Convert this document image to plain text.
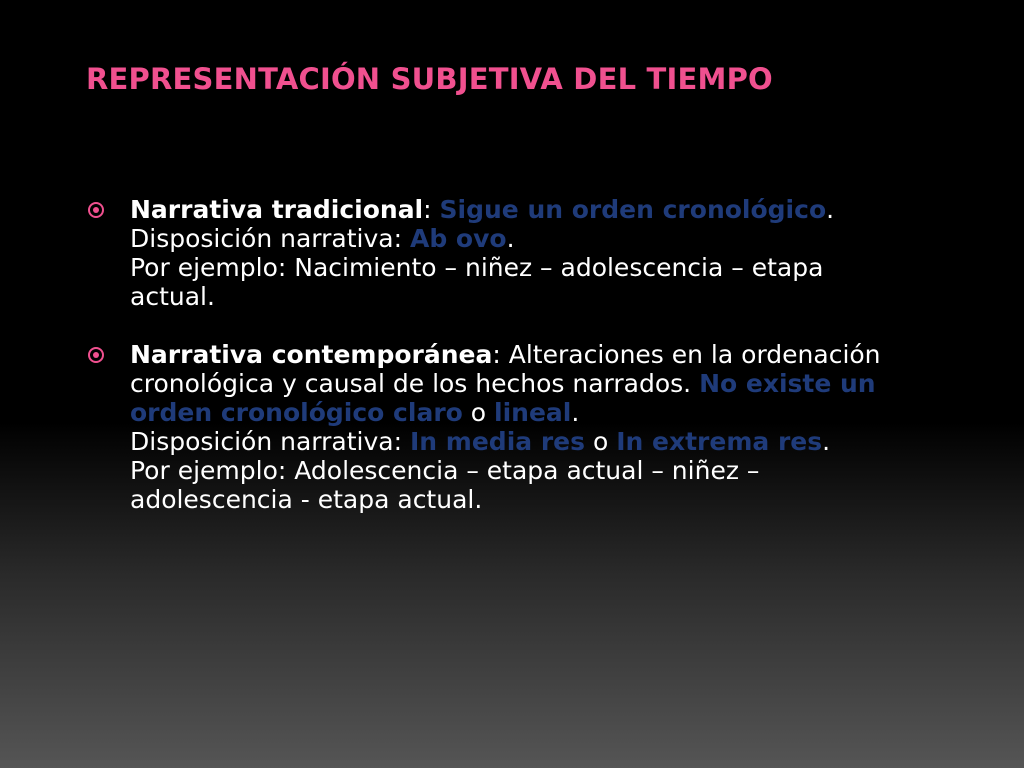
REPRESENTACIÓN SUBJETIVA DEL TIEMPO
Narrativa tradicional: Sigue un orden cronológico.
Disposición narrativa: Ab ovo.
Por ejemplo: Nacimiento – niñez – adolescencia – etapa
actual.
Narrativa contemporánea: Alteraciones en la ordenación
cronológica y causal de los hechos narrados. No existe un
orden cronológico claro o lineal.
Disposición narrativa: In media res o In extrema res.
Por ejemplo: Adolescencia – etapa actual – niñez –
adolescencia - etapa actual.
